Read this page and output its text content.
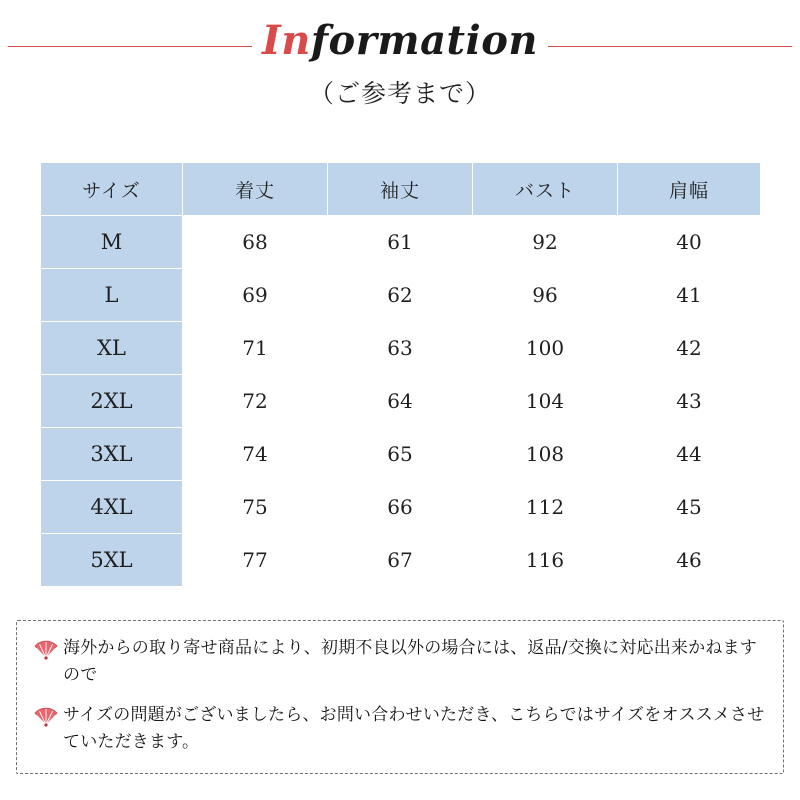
Information
（ご参考まで）
サイズ	着丈	袖丈	バスト	肩幅
M	68	61	92	40
L	69	62	96	41
XL	71	63	100	42
2XL	72	64	104	43
3XL	74	65	108	44
4XL	75	66	112	45
5XL	77	67	116	46
海外からの取り寄せ商品により、初期不良以外の場合には、返品/交換に対応出来かねますので
サイズの問題がございましたら、お問い合わせいただき、こちらではサイズをオススメさせていただきます。
